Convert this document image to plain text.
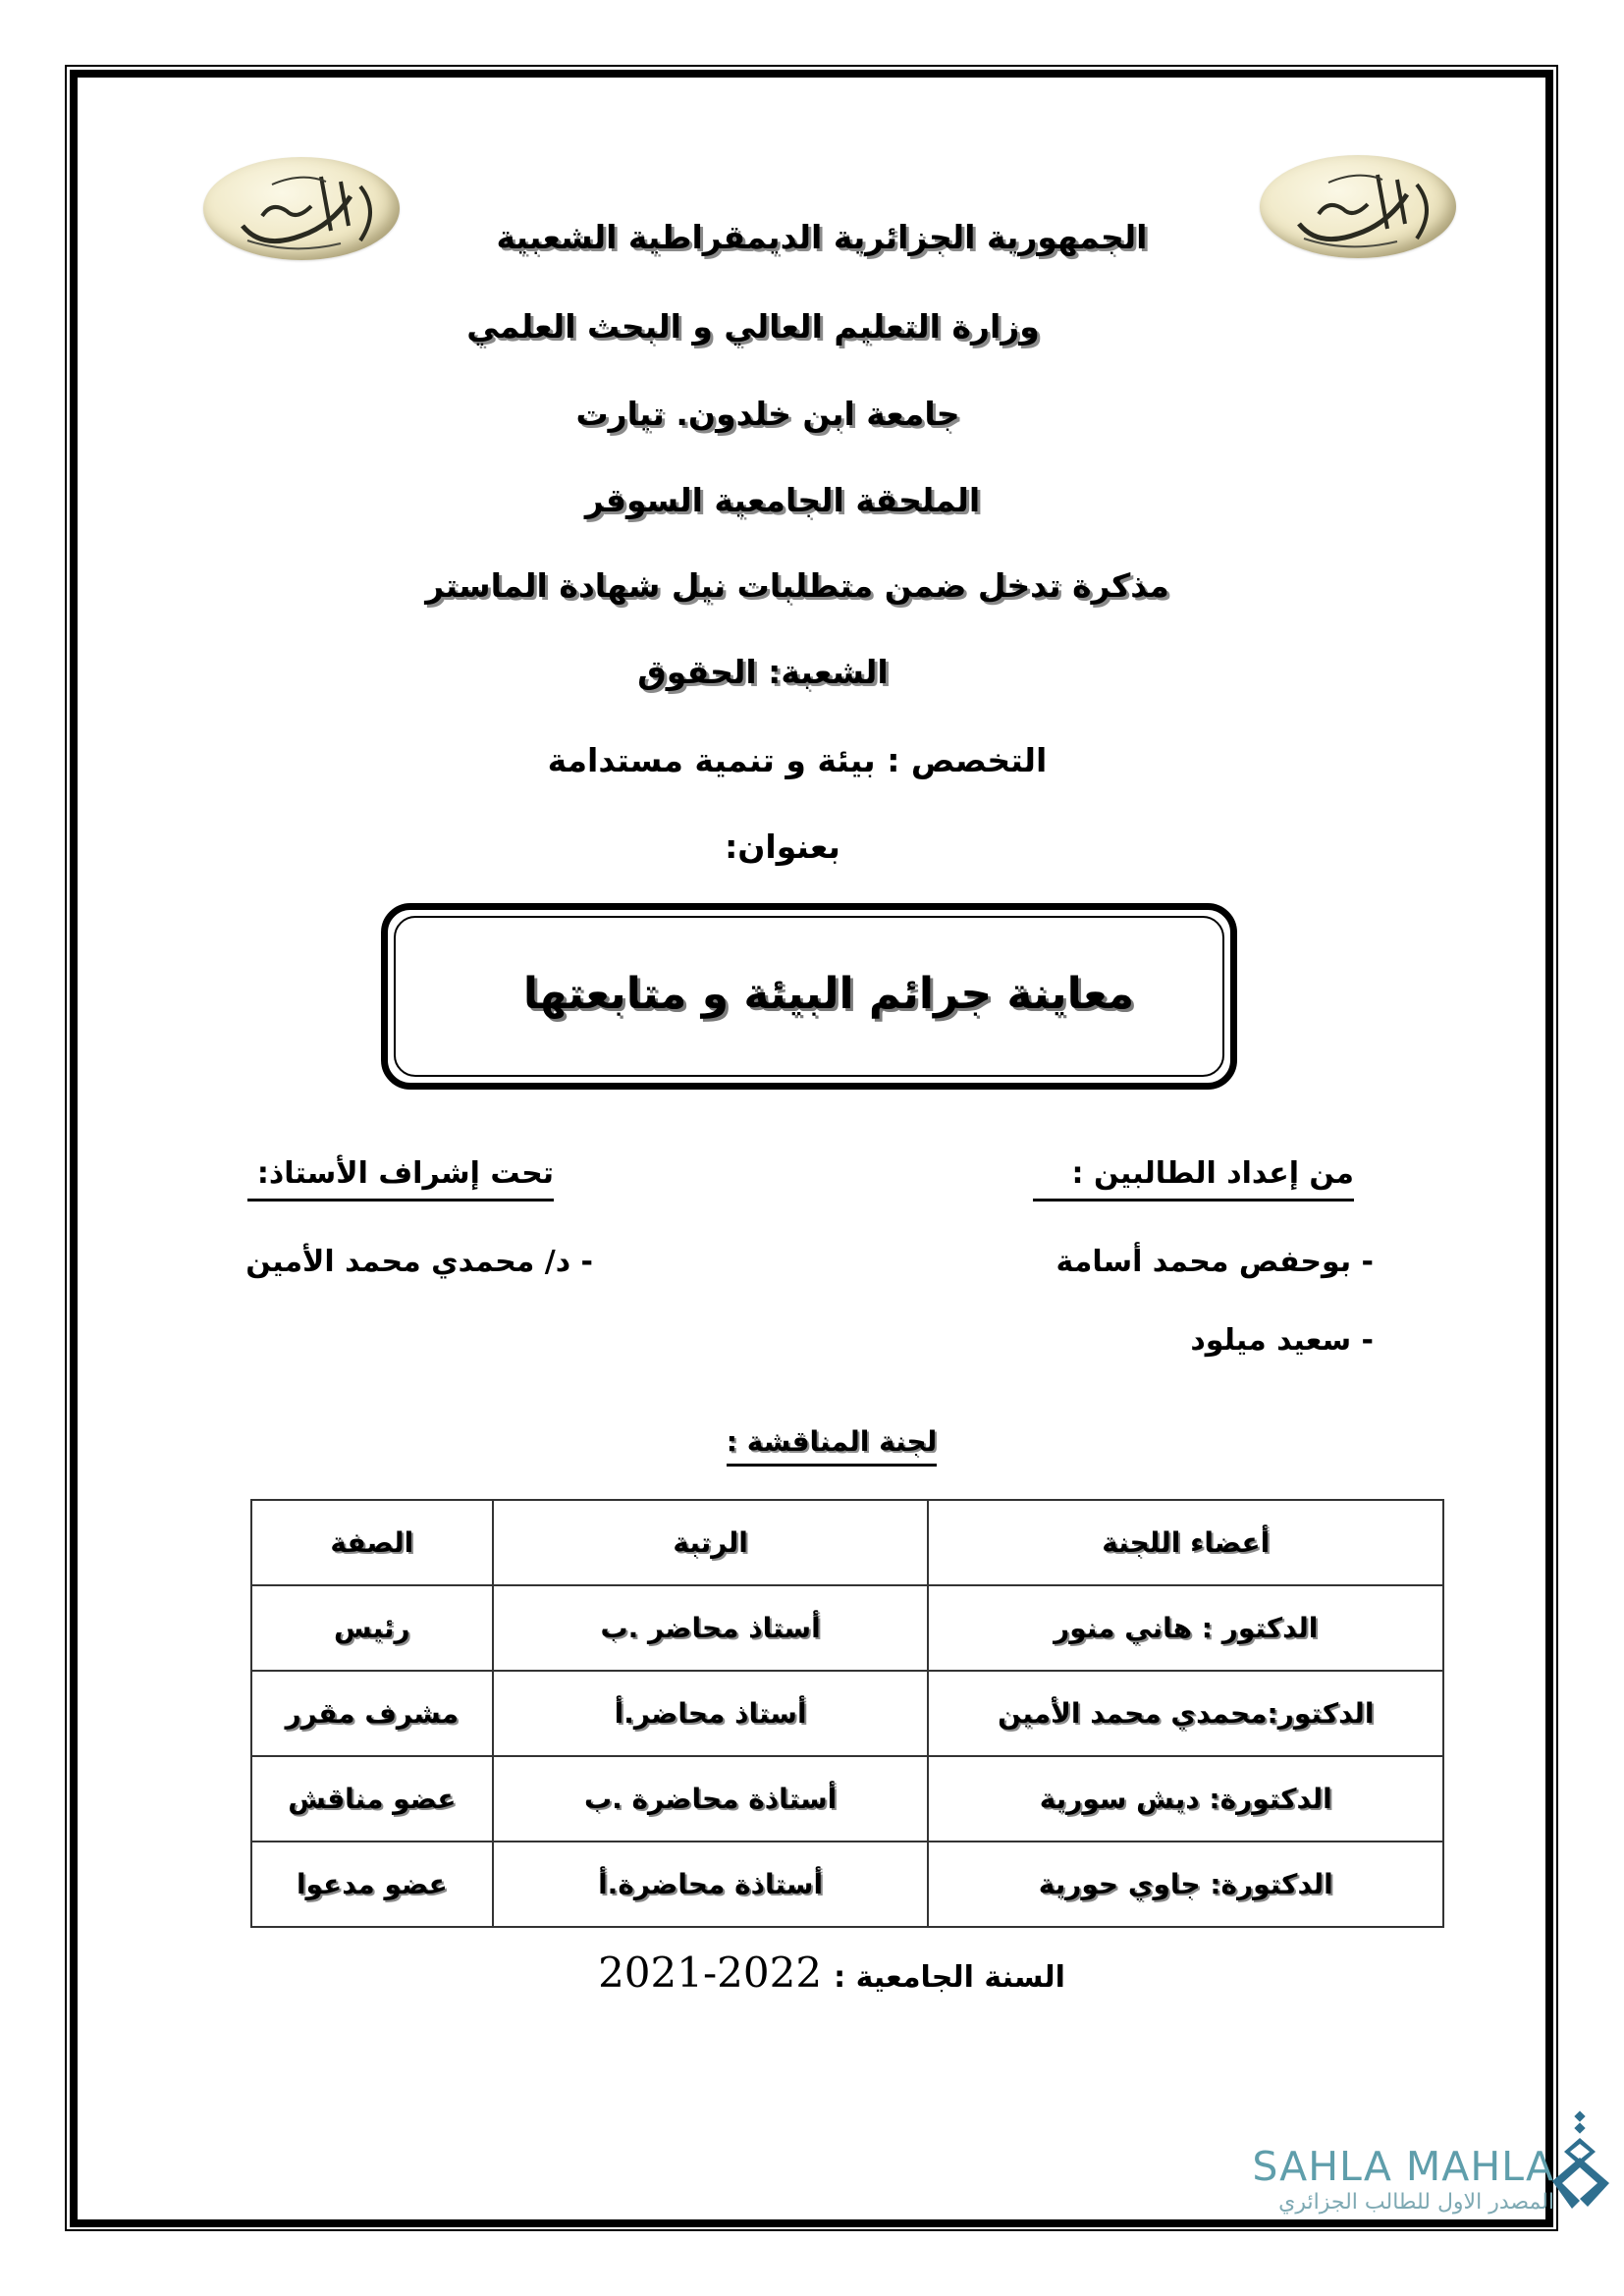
الجمهورية الجزائرية الديمقراطية الشعبية
وزارة التعليم العالي و البحث العلمي
جامعة ابن خلدون. تيارت
الملحقة الجامعية السوقر
مذكرة تدخل ضمن متطلبات نيل شهادة الماستر
الشعبة: الحقوق
التخصص : بيئة و تنمية مستدامة
بعنوان:
معاينة جرائم البيئة و متابعتها
من إعداد الطالبين :
- بوحفص محمد أسامة
- سعيد ميلود
تحت إشراف الأستاذ:
- د/ محمدي محمد الأمين
لجنة المناقشة :
أعضاء اللجنة	الرتبة	الصفة
الدكتور : هاني منور	أستاذ محاضر .ب	رئيس
الدكتور:محمدي محمد الأمين	أستاذ محاضر.أ	مشرف مقرر
الدكتورة: ديش سورية	أستاذة محاضرة .ب	عضو مناقش
الدكتورة: جاوي حورية	أستاذة محاضرة.أ	عضو مدعوا
السنة الجامعية : 2021-2022
SAHLA MAHLA
المصدر الاول للطالب الجزائري
